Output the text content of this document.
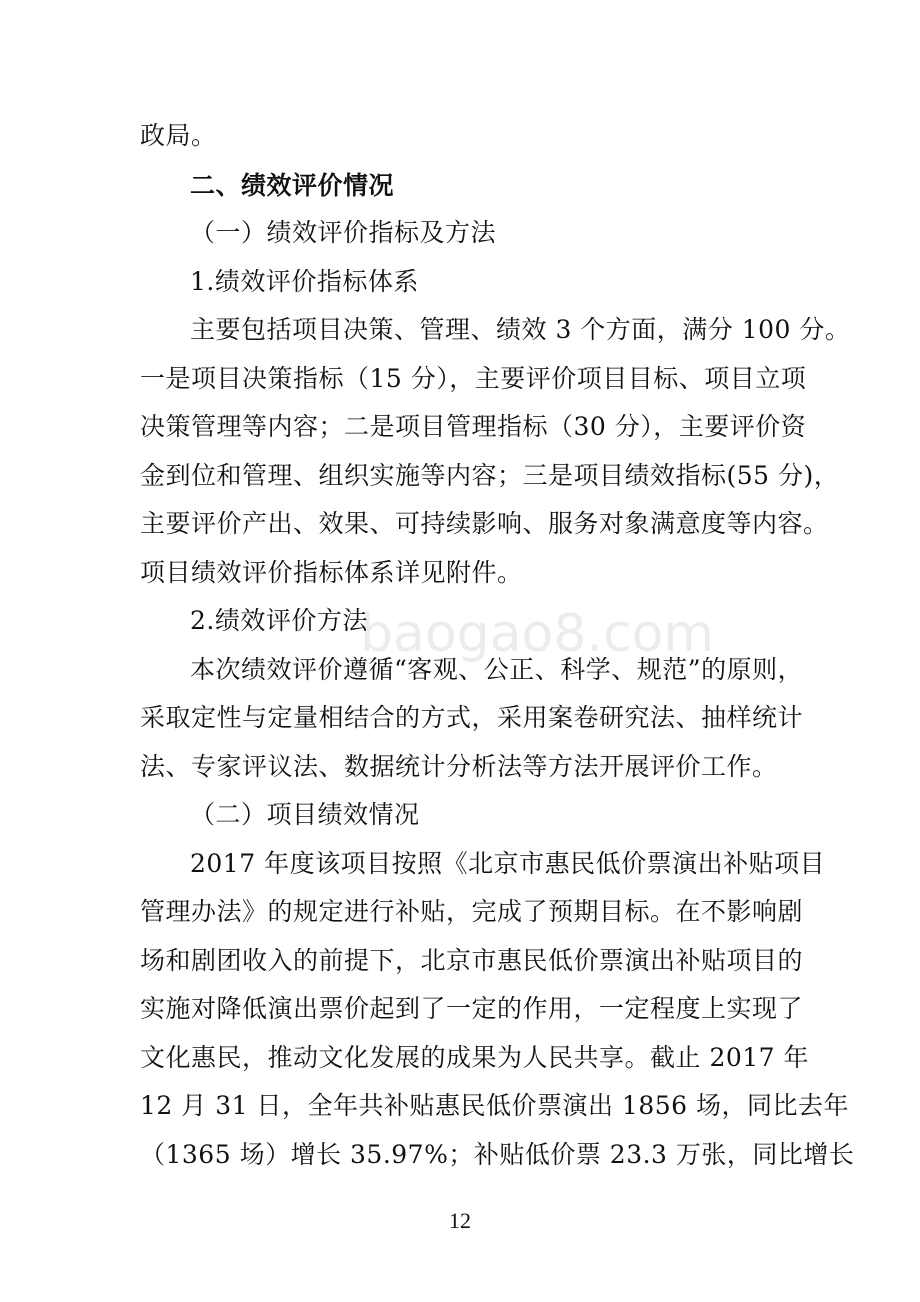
baogao8.com
政局。
二、绩效评价情况
（一）绩效评价指标及方法
1.绩效评价指标体系
主要包括项目决策、管理、绩效 3 个方面，满分 100 分。
一是项目决策指标（15 分），主要评价项目目标、项目立项
决策管理等内容；二是项目管理指标（30 分），主要评价资
金到位和管理、组织实施等内容；三是项目绩效指标(55 分)，
主要评价产出、效果、可持续影响、服务对象满意度等内容。
项目绩效评价指标体系详见附件。
2.绩效评价方法
本次绩效评价遵循“客观、公正、科学、规范”的原则，
采取定性与定量相结合的方式，采用案卷研究法、抽样统计
法、专家评议法、数据统计分析法等方法开展评价工作。
（二）项目绩效情况
2017 年度该项目按照《北京市惠民低价票演出补贴项目
管理办法》的规定进行补贴，完成了预期目标。在不影响剧
场和剧团收入的前提下，北京市惠民低价票演出补贴项目的
实施对降低演出票价起到了一定的作用，一定程度上实现了
文化惠民，推动文化发展的成果为人民共享。截止 2017 年
12 月 31 日，全年共补贴惠民低价票演出 1856 场，同比去年
（1365 场）增长 35.97%；补贴低价票 23.3 万张，同比增长
12
